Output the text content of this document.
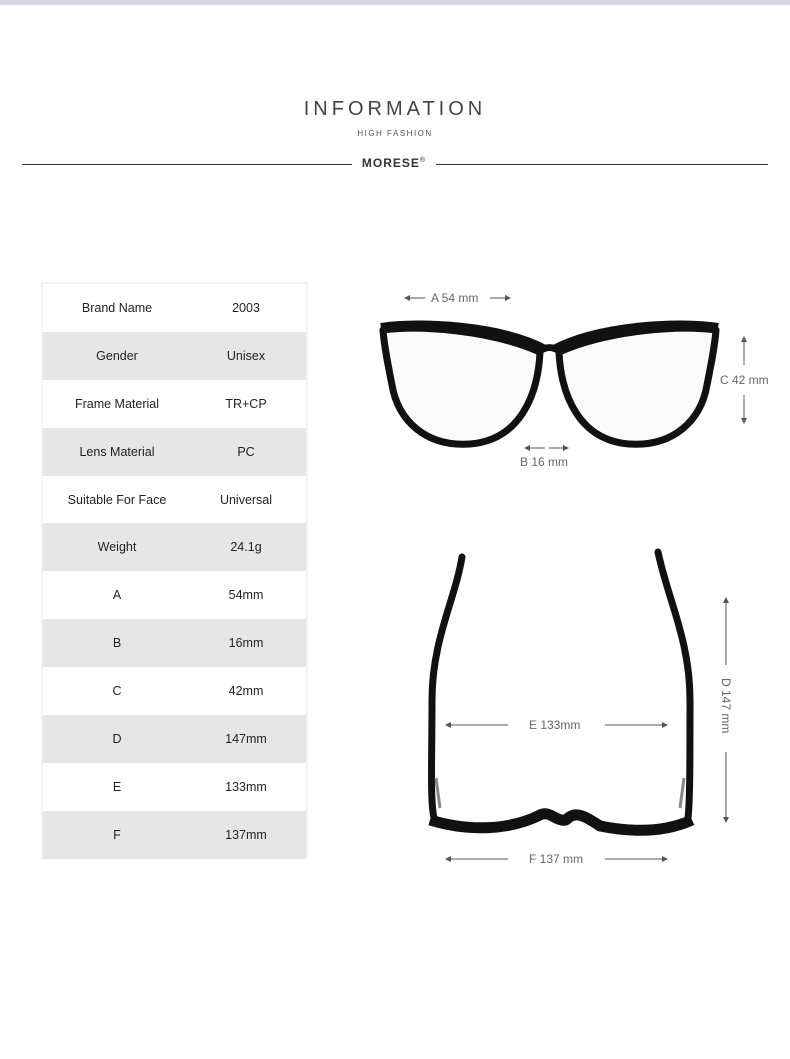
INFORMATION
HIGH FASHION
MORESE®
Brand Name	2003
Gender	Unisex
Frame Material	TR+CP
Lens Material	PC
Suitable For Face	Universal
Weight	24.1g
A	54mm
B	16mm
C	42mm
D	147mm
E	133mm
F	137mm
A 54 mm
B 16 mm
C 42 mm
D 147 mm
E 133mm
F 137 mm
